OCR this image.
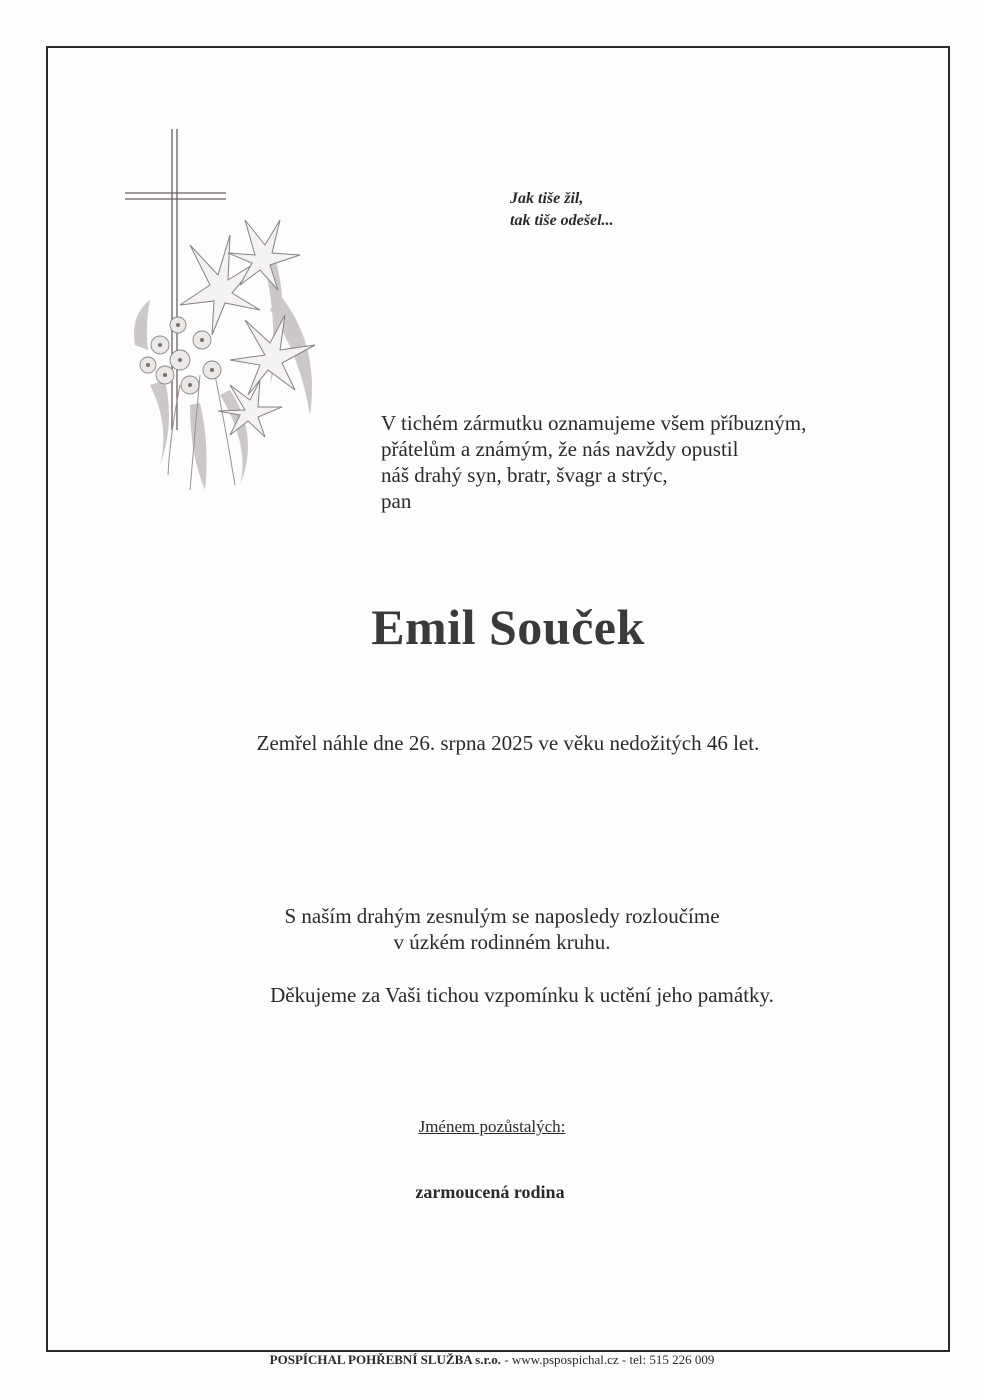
Jak tiše žil,
tak tiše odešel...
V tichém zármutku oznamujeme všem příbuzným,
přátelům a známým, že nás navždy opustil
náš drahý syn, bratr, švagr a strýc,
pan
Emil Souček
Zemřel náhle dne 26. srpna 2025 ve věku nedožitých 46 let.
S naším drahým zesnulým se naposledy rozloučíme
v úzkém rodinném kruhu.
Děkujeme za Vaši tichou vzpomínku k uctění jeho památky.
Jménem pozůstalých:
zarmoucená rodina
POSPÍCHAL POHŘEBNÍ SLUŽBA s.r.o. - www.pspospichal.cz - tel: 515 226 009
